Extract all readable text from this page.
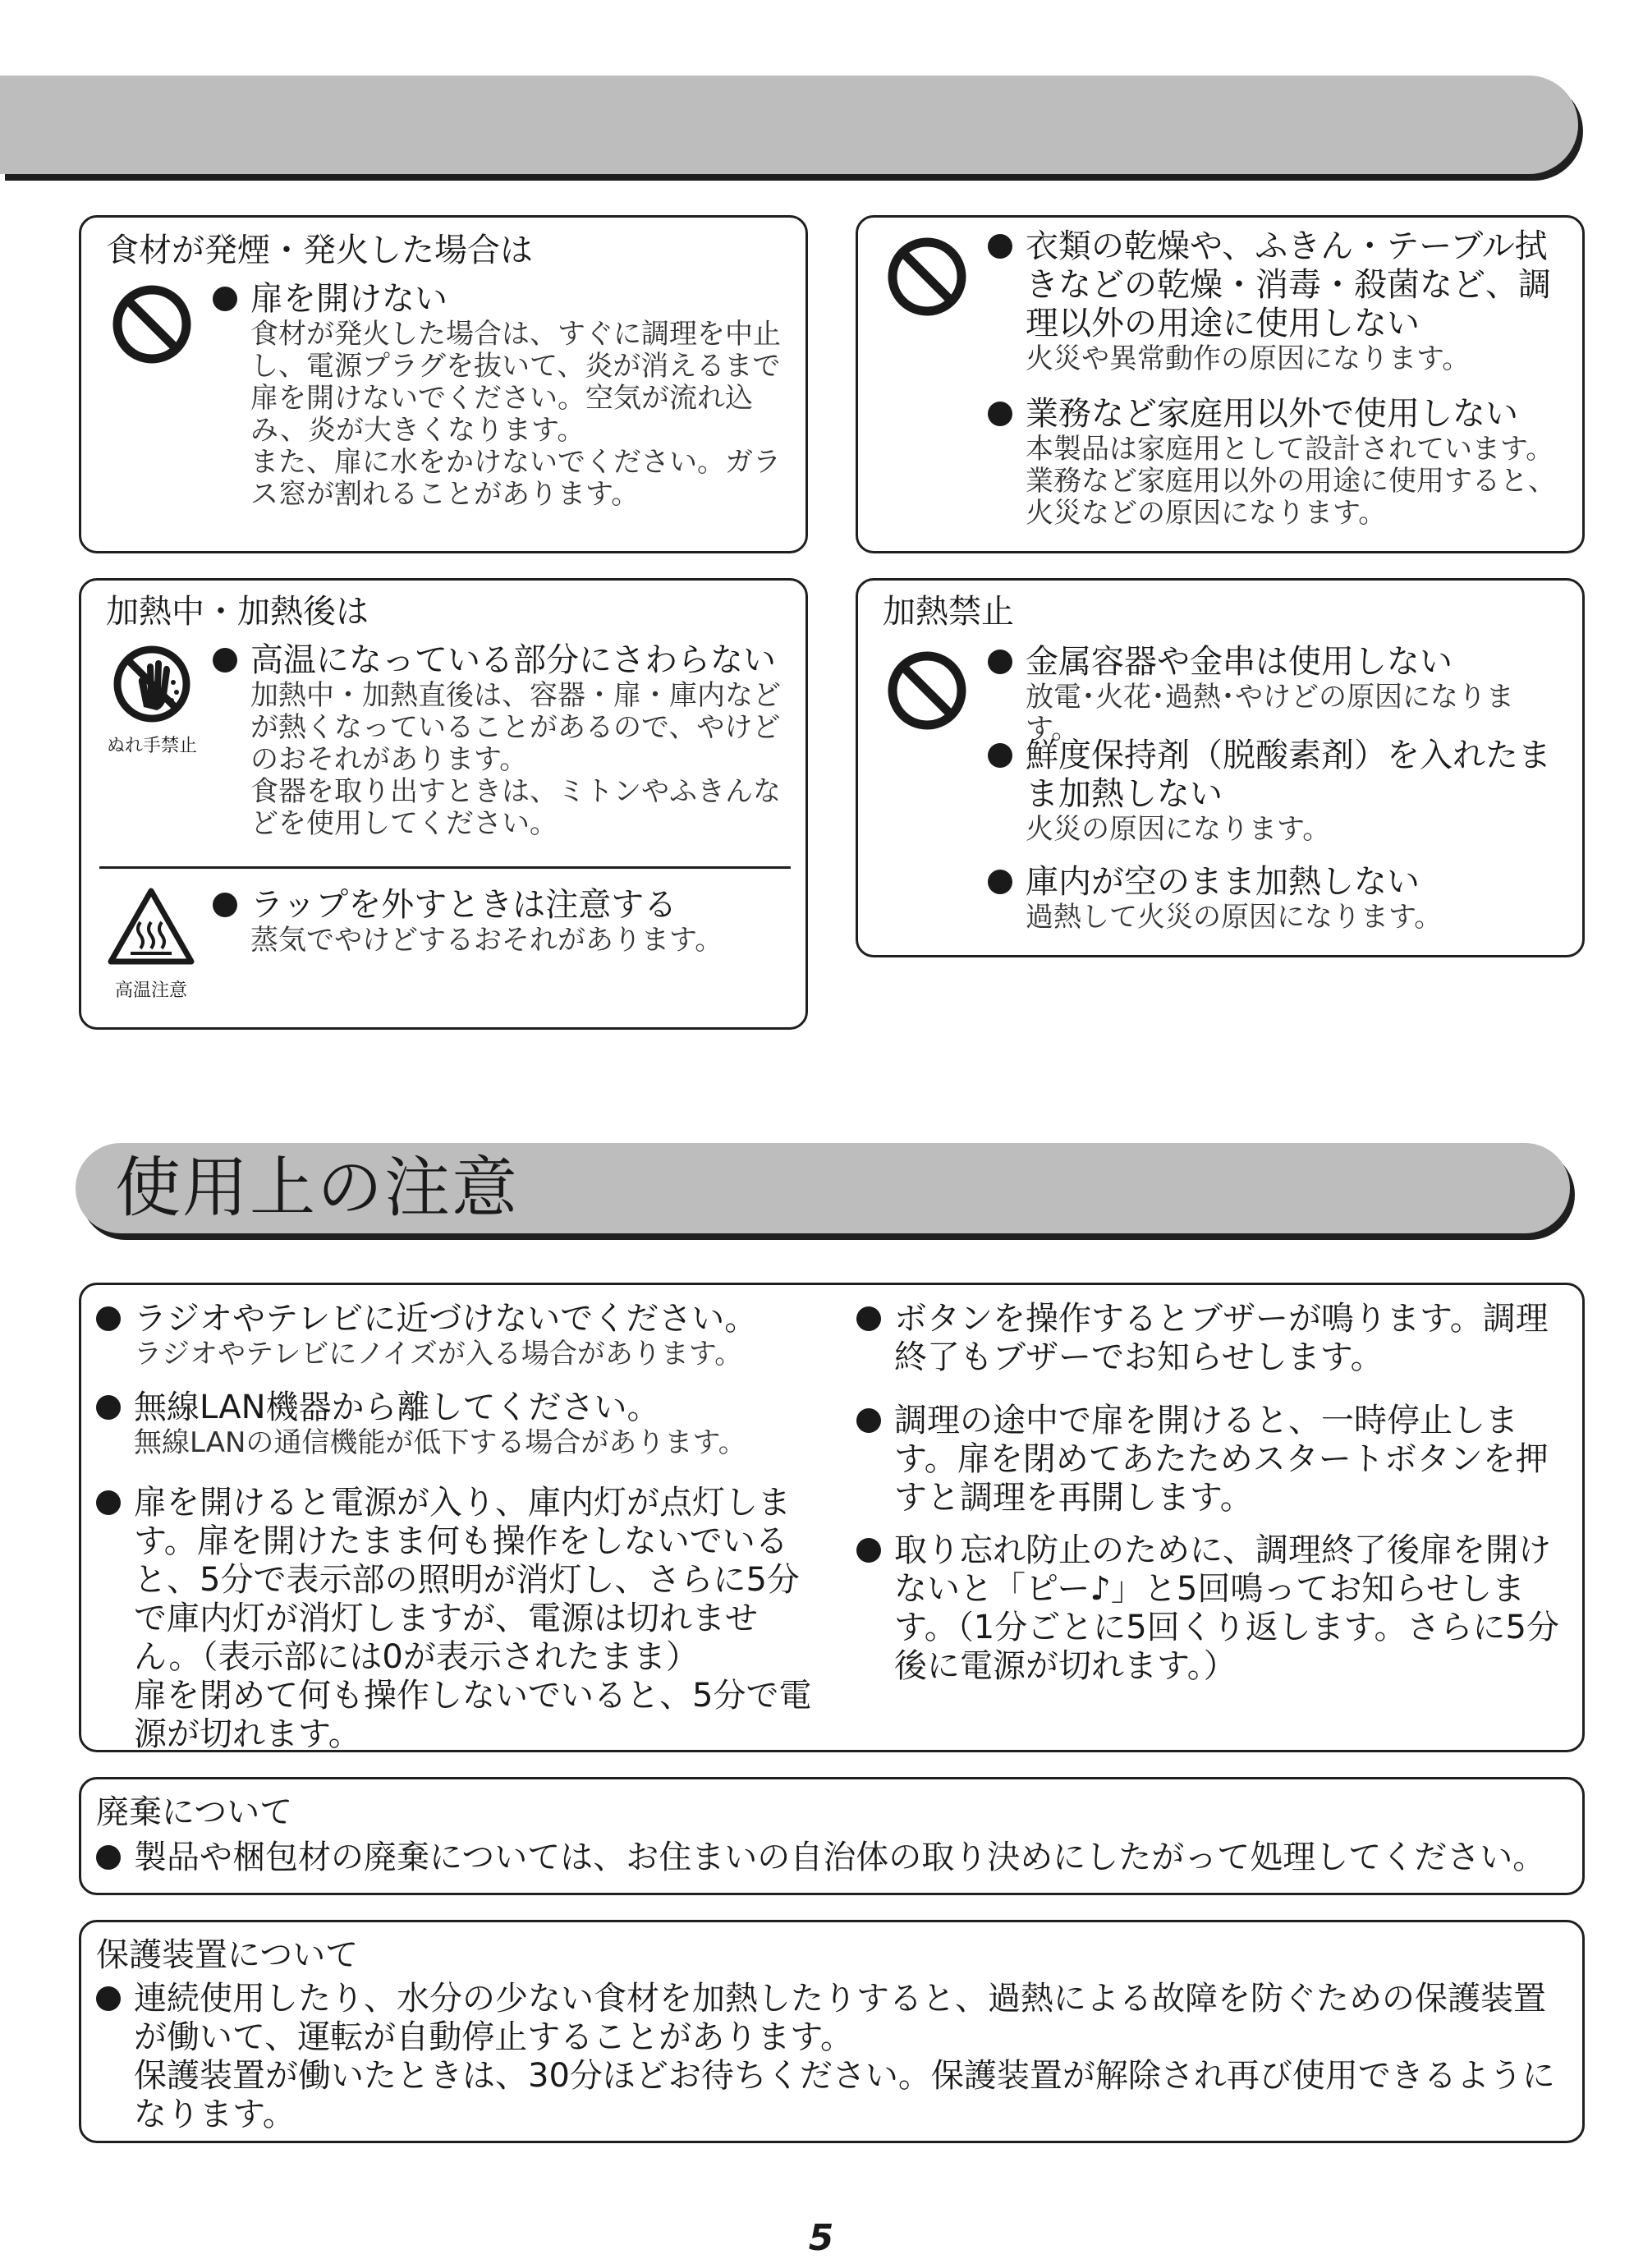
食材が発煙・発火した場合は
扉を開けない
食材が発火した場合は、すぐに調理を中止し、電源プラグを抜いて、炎が消えるまで扉を開けないでください。空気が流れ込み、炎が大きくなります。
また、扉に水をかけないでください。ガラス窓が割れることがあります。
衣類の乾燥や、ふきん・テーブル拭きなどの乾燥・消毒・殺菌など、調理以外の用途に使用しない
火災や異常動作の原因になります。
業務など家庭用以外で使用しない
本製品は家庭用として設計されています。業務など家庭用以外の用途に使用すると、火災などの原因になります。
加熱中・加熱後は
ぬれ手禁止
高温になっている部分にさわらない
加熱中・加熱直後は、容器・扉・庫内などが熱くなっていることがあるので、やけどのおそれがあります。
食器を取り出すときは、ミトンやふきんなどを使用してください。
高温注意
ラップを外すときは注意する
蒸気でやけどするおそれがあります。
加熱禁止
金属容器や金串は使用しない
放電･火花･過熱･やけどの原因になります。
鮮度保持剤（脱酸素剤）を入れたまま加熱しない
火災の原因になります。
庫内が空のまま加熱しない
過熱して火災の原因になります。
使用上の注意
ラジオやテレビに近づけないでください。
ラジオやテレビにノイズが入る場合があります。
無線LAN機器から離してください。
無線LANの通信機能が低下する場合があります。
扉を開けると電源が入り、庫内灯が点灯します。扉を開けたまま何も操作をしないでいると、5分で表示部の照明が消灯し、さらに5分で庫内灯が消灯しますが、電源は切れません。（表示部には0が表示されたまま）
扉を閉めて何も操作しないでいると、5分で電源が切れます。
ボタンを操作するとブザーが鳴ります。調理終了もブザーでお知らせします。
調理の途中で扉を開けると、一時停止します。扉を閉めてあたためスタートボタンを押すと調理を再開します。
取り忘れ防止のために、調理終了後扉を開けないと「ピー♪」と5回鳴ってお知らせします。（1分ごとに5回くり返します。さらに5分後に電源が切れます。）
廃棄について
製品や梱包材の廃棄については、お住まいの自治体の取り決めにしたがって処理してください。
保護装置について
連続使用したり、水分の少ない食材を加熱したりすると、過熱による故障を防ぐための保護装置が働いて、運転が自動停止することがあります。
保護装置が働いたときは、30分ほどお待ちください。保護装置が解除され再び使用できるようになります。
5
